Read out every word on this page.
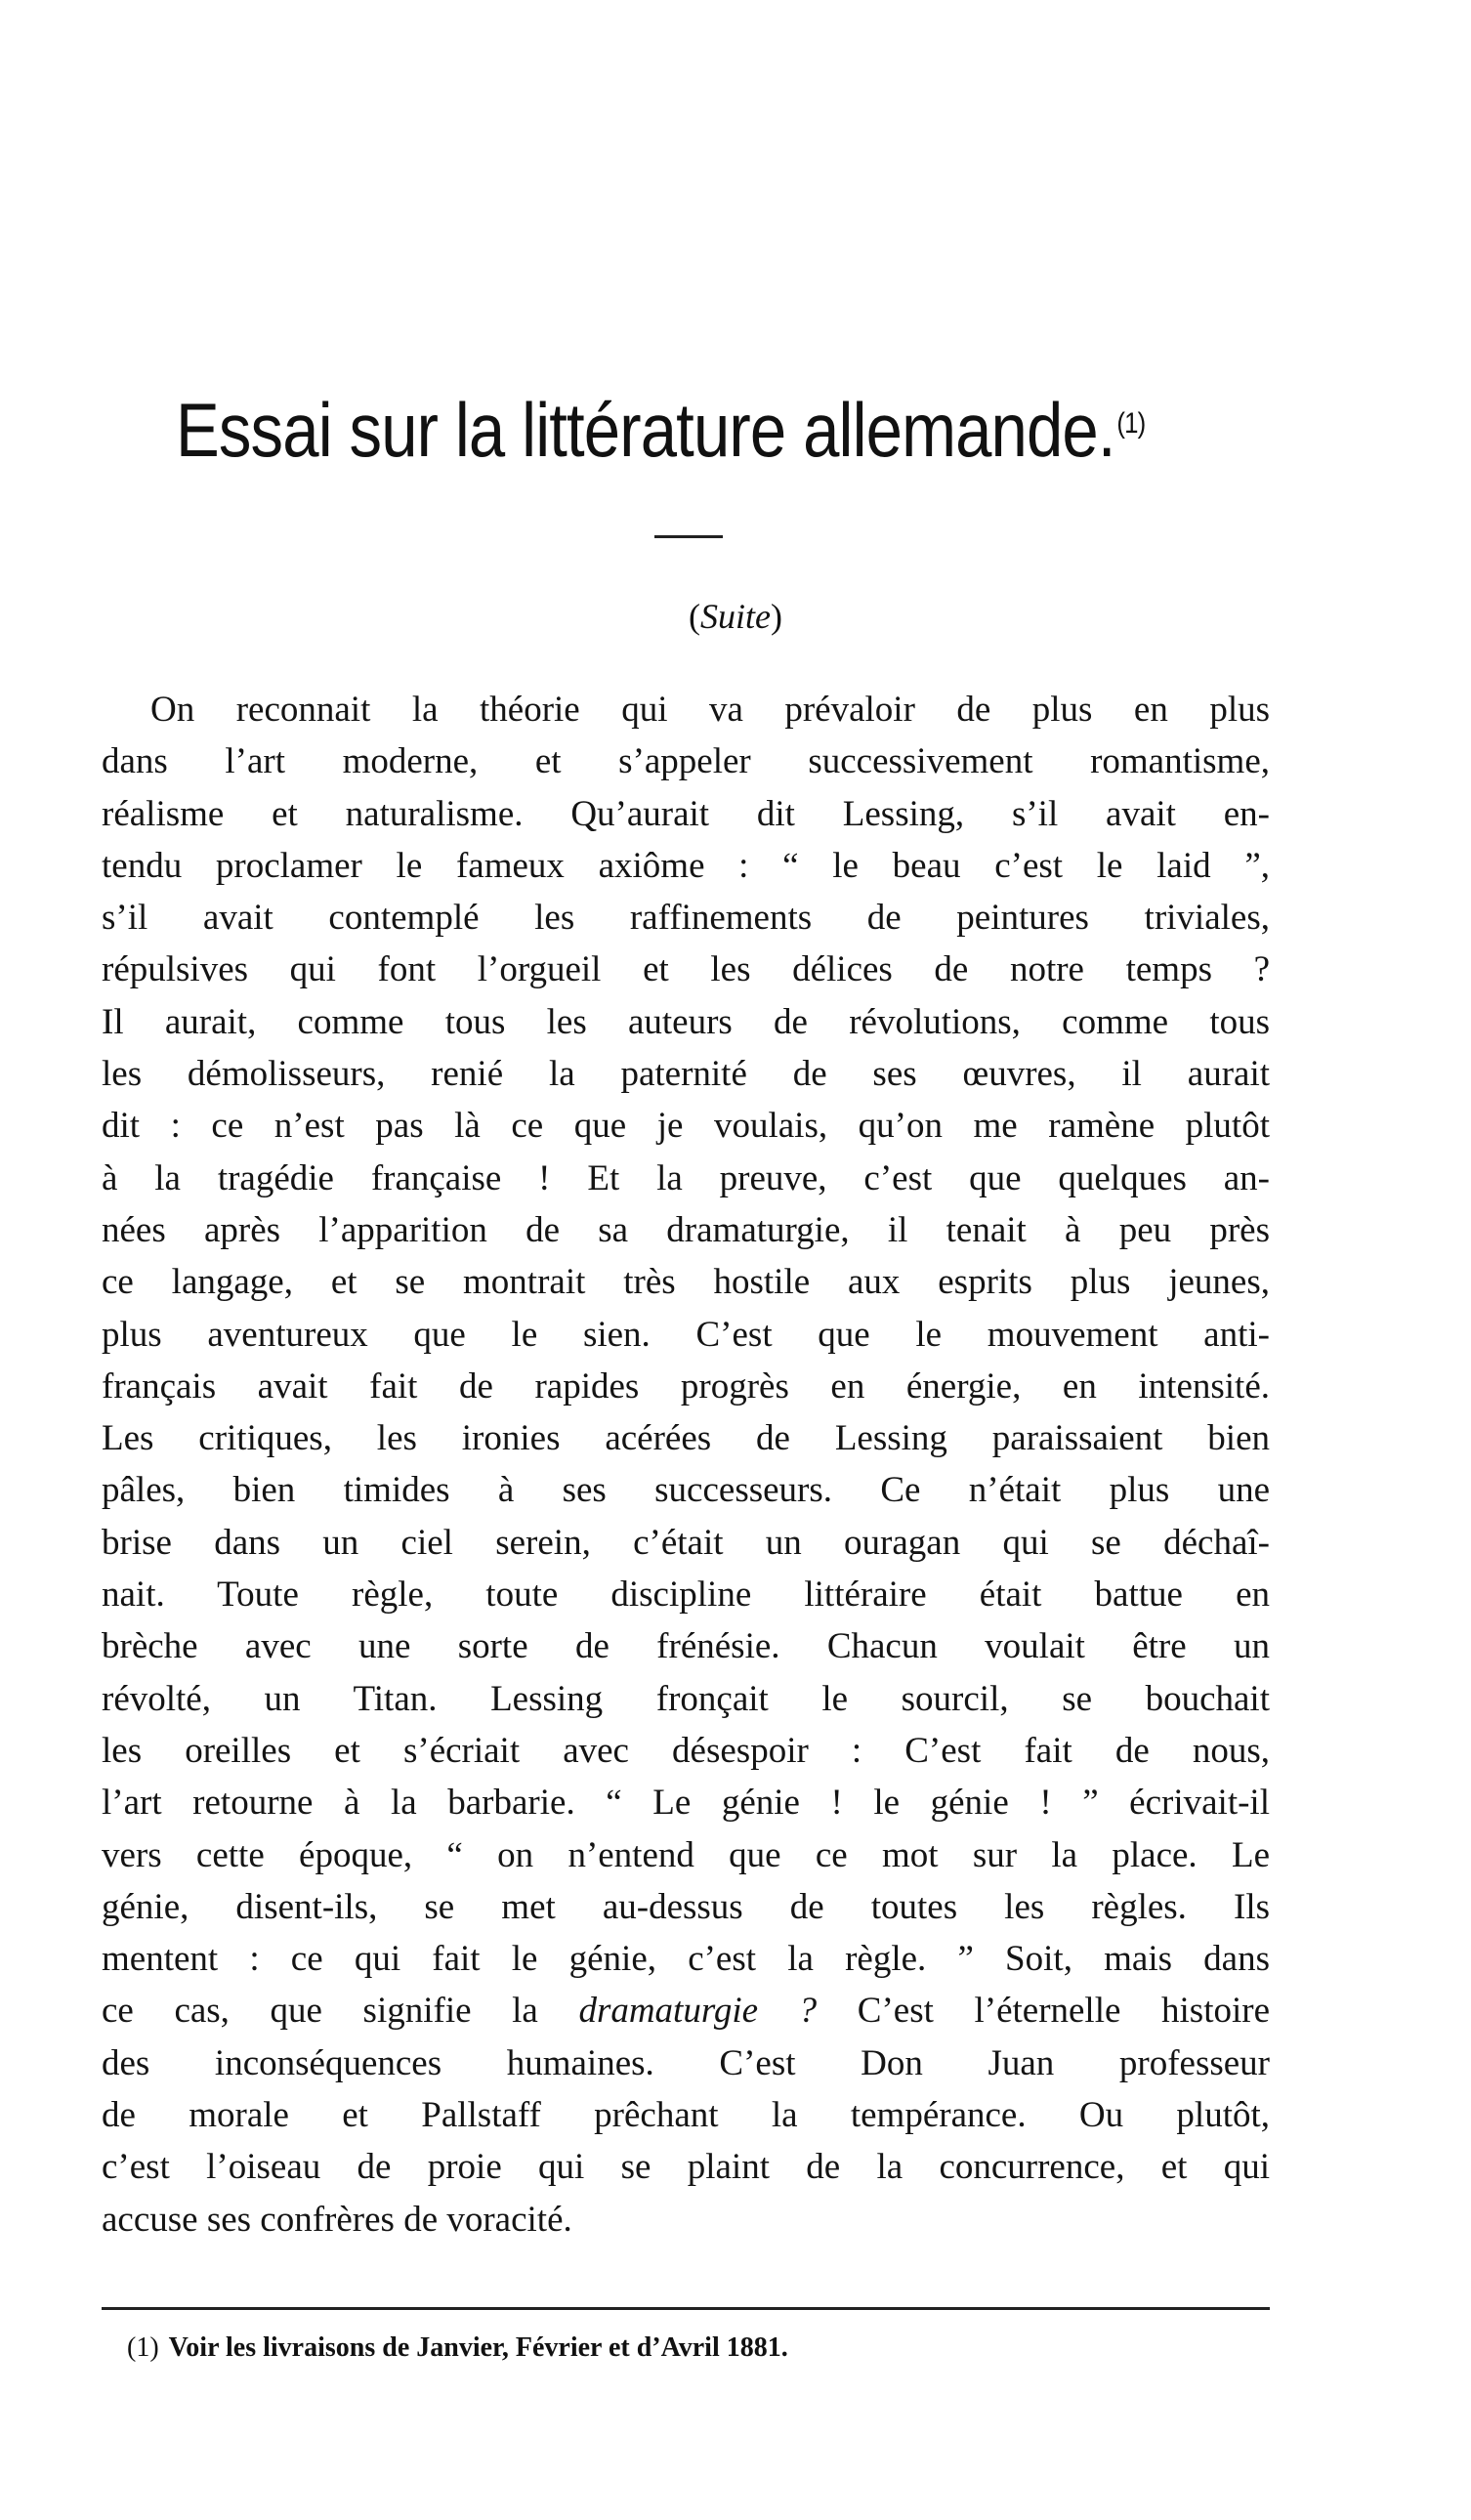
Essai sur la littérature allemande.$^{(1)}$
(Suite)
On reconnait la théorie qui va prévaloir de plus en plus
dans l’art moderne, et s’appeler successivement romantisme,
réalisme et naturalisme. Qu’aurait dit Lessing, s’il avait en-
tendu proclamer le fameux axiôme : “ le beau c’est le laid ”,
s’il avait contemplé les raffinements de peintures triviales,
répulsives qui font l’orgueil et les délices de notre temps ?
Il aurait, comme tous les auteurs de révolutions, comme tous
les démolisseurs, renié la paternité de ses œuvres, il aurait
dit : ce n’est pas là ce que je voulais, qu’on me ramène plutôt
à la tragédie française ! Et la preuve, c’est que quelques an-
nées après l’apparition de sa dramaturgie, il tenait à peu près
ce langage, et se montrait très hostile aux esprits plus jeunes,
plus aventureux que le sien. C’est que le mouvement anti-
français avait fait de rapides progrès en énergie, en intensité.
Les critiques, les ironies acérées de Lessing paraissaient bien
pâles, bien timides à ses successeurs. Ce n’était plus une
brise dans un ciel serein, c’était un ouragan qui se déchaî-
nait. Toute règle, toute discipline littéraire était battue en
brèche avec une sorte de frénésie. Chacun voulait être un
révolté, un Titan. Lessing fronçait le sourcil, se bouchait
les oreilles et s’écriait avec désespoir : C’est fait de nous,
l’art retourne à la barbarie. “ Le génie ! le génie ! ” écrivait-il
vers cette époque, “ on n’entend que ce mot sur la place. Le
génie, disent-ils, se met au-dessus de toutes les règles. Ils
mentent : ce qui fait le génie, c’est la règle. ” Soit, mais dans
ce cas, que signifie la dramaturgie ? C’est l’éternelle histoire
des inconséquences humaines. C’est Don Juan professeur
de morale et Pallstaff prêchant la tempérance. Ou plutôt,
c’est l’oiseau de proie qui se plaint de la concurrence, et qui
accuse ses confrères de voracité.
(1) Voir les livraisons de Janvier, Février et d’Avril 1881.
